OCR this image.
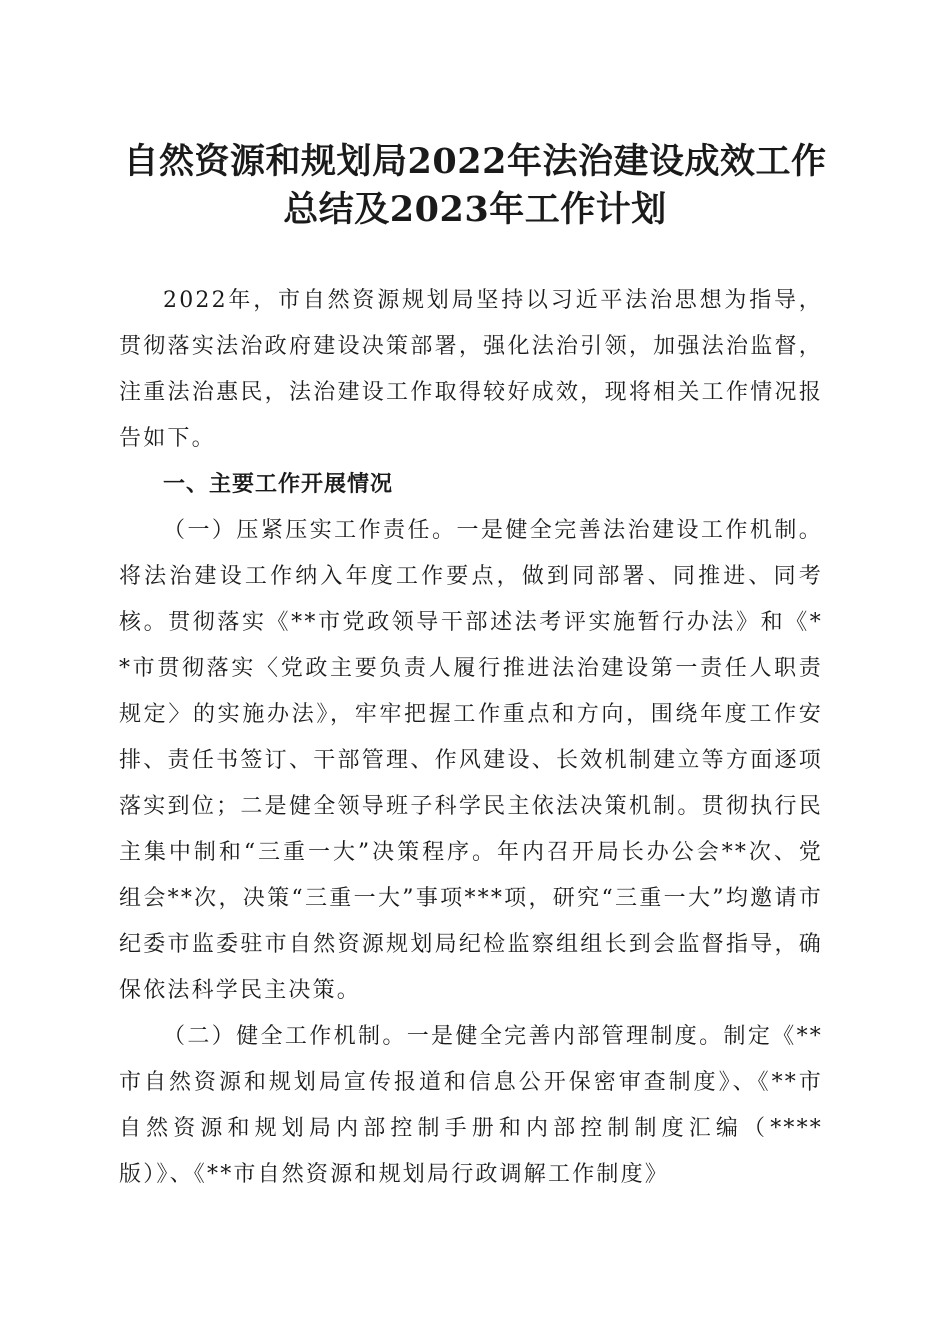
自然资源和规划局2022年法治建设成效工作
总结及2023年工作计划

2022年，市自然资源规划局坚持以习近平法治思想为指导，贯彻落实法治政府建设决策部署，强化法治引领，加强法治监督，注重法治惠民，法治建设工作取得较好成效，现将相关工作情况报告如下。

一、主要工作开展情况

（一）压紧压实工作责任。一是健全完善法治建设工作机制。将法治建设工作纳入年度工作要点，做到同部署、同推进、同考核。贯彻落实《**市党政领导干部述法考评实施暂行办法》和《**市贯彻落实〈党政主要负责人履行推进法治建设第一责任人职责规定〉的实施办法》，牢牢把握工作重点和方向，围绕年度工作安排、责任书签订、干部管理、作风建设、长效机制建立等方面逐项落实到位；二是健全领导班子科学民主依法决策机制。贯彻执行民主集中制和“三重一大”决策程序。年内召开局长办公会**次、党组会**次，决策“三重一大”事项***项，研究“三重一大”均邀请市纪委市监委驻市自然资源规划局纪检监察组组长到会监督指导，确保依法科学民主决策。

（二）健全工作机制。一是健全完善内部管理制度。制定《**市自然资源和规划局宣传报道和信息公开保密审查制度》、《**市自然资源和规划局内部控制手册和内部控制制度汇编（****版）》、《**市自然资源和规划局行政调解工作制度》
